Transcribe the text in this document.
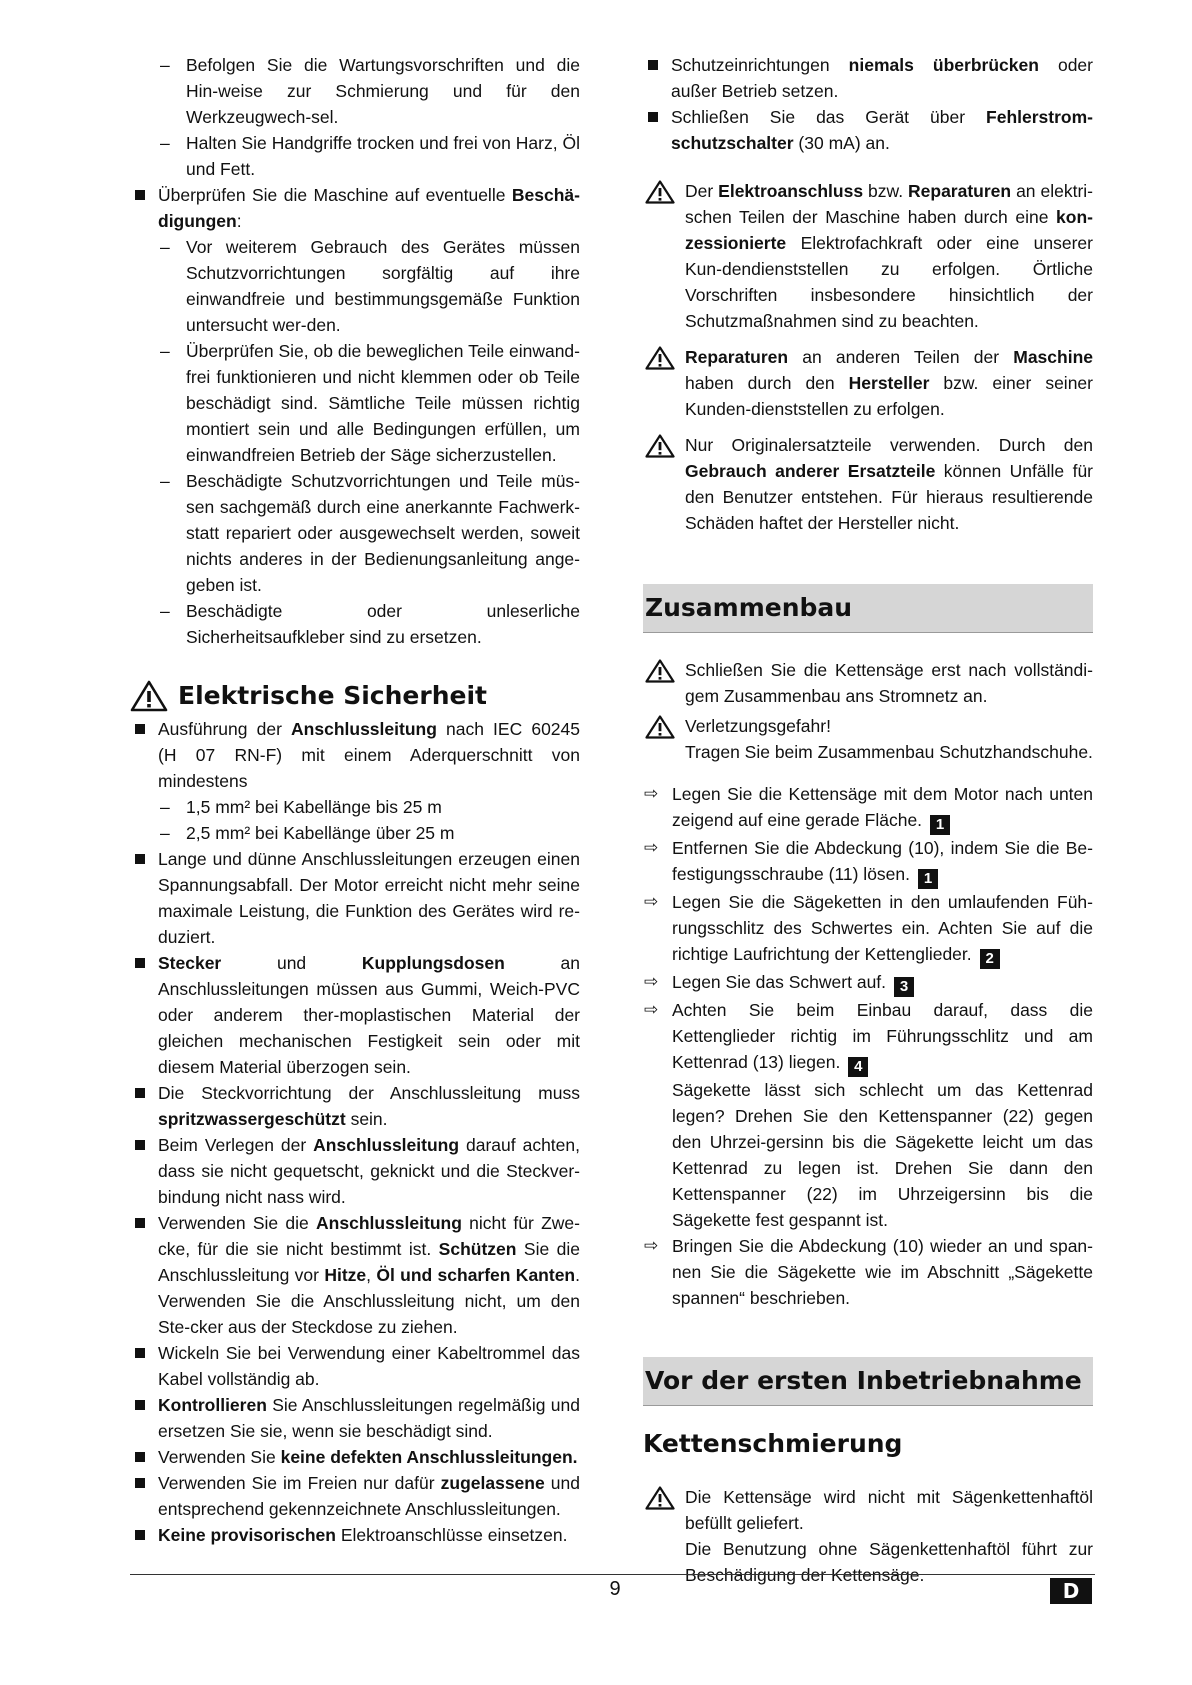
– Befolgen Sie die Wartungsvorschriften und die Hin-weise zur Schmierung und für den Werkzeugwech-sel.

– Halten Sie Handgriffe trocken und frei von Harz, Öl und Fett.

Überprüfen Sie die Maschine auf eventuelle Beschä-digungen:

– Vor weiterem Gebrauch des Gerätes müssen Schutzvorrichtungen sorgfältig auf ihre einwandfreie und bestimmungsgemäße Funktion untersucht wer-den.

– Überprüfen Sie, ob die beweglichen Teile einwand-frei funktionieren und nicht klemmen oder ob Teile beschädigt sind. Sämtliche Teile müssen richtig montiert sein und alle Bedingungen erfüllen, um einwandfreien Betrieb der Säge sicherzustellen.

– Beschädigte Schutzvorrichtungen und Teile müs-sen sachgemäß durch eine anerkannte Fachwerk-statt repariert oder ausgewechselt werden, soweit nichts anderes in der Bedienungsanleitung ange-geben ist.

– Beschädigte oder unleserliche Sicherheitsaufkleber sind zu ersetzen.

Elektrische Sicherheit

Ausführung der Anschlussleitung nach IEC 60245 (H 07 RN-F) mit einem Aderquerschnitt von mindestens

– 1,5 mm² bei Kabellänge bis 25 m

– 2,5 mm² bei Kabellänge über 25 m

Lange und dünne Anschlussleitungen erzeugen einen Spannungsabfall. Der Motor erreicht nicht mehr seine maximale Leistung, die Funktion des Gerätes wird re-duziert.

Stecker und Kupplungsdosen an Anschlussleitungen müssen aus Gummi, Weich-PVC oder anderem ther-moplastischen Material der gleichen mechanischen Festigkeit sein oder mit diesem Material überzogen sein.

Die Steckvorrichtung der Anschlussleitung muss spritzwassergeschützt sein.

Beim Verlegen der Anschlussleitung darauf achten, dass sie nicht gequetscht, geknickt und die Steckver-bindung nicht nass wird.

Verwenden Sie die Anschlussleitung nicht für Zwe-cke, für die sie nicht bestimmt ist. Schützen Sie die Anschlussleitung vor Hitze, Öl und scharfen Kanten. Verwenden Sie die Anschlussleitung nicht, um den Ste-cker aus der Steckdose zu ziehen.

Wickeln Sie bei Verwendung einer Kabeltrommel das Kabel vollständig ab.

Kontrollieren Sie Anschlussleitungen regelmäßig und ersetzen Sie sie, wenn sie beschädigt sind.

Verwenden Sie keine defekten Anschlussleitungen.

Verwenden Sie im Freien nur dafür zugelassene und entsprechend gekennzeichnete Anschlussleitungen.

Keine provisorischen Elektroanschlüsse einsetzen.

Schutzeinrichtungen niemals überbrücken oder außer Betrieb setzen.

Schließen Sie das Gerät über Fehlerstrom-schutzschalter (30 mA) an.

Der Elektroanschluss bzw. Reparaturen an elektri-schen Teilen der Maschine haben durch eine kon-zessionierte Elektrofachkraft oder eine unserer Kun-dendienststellen zu erfolgen. Örtliche Vorschriften insbesondere hinsichtlich der Schutzmaßnahmen sind zu beachten.

Reparaturen an anderen Teilen der Maschine haben durch den Hersteller bzw. einer seiner Kunden-dienststellen zu erfolgen.

Nur Originalersatzteile verwenden. Durch den Gebrauch anderer Ersatzteile können Unfälle für den Benutzer entstehen. Für hieraus resultierende Schäden haftet der Hersteller nicht.

Zusammenbau

Schließen Sie die Kettensäge erst nach vollständi-gem Zusammenbau ans Stromnetz an.

Verletzungsgefahr!

Tragen Sie beim Zusammenbau Schutzhandschuhe.

⇨ Legen Sie die Kettensäge mit dem Motor nach unten zeigend auf eine gerade Fläche. 1

⇨ Entfernen Sie die Abdeckung (10), indem Sie die Be-festigungsschraube (11) lösen. 1

⇨ Legen Sie die Sägeketten in den umlaufenden Füh-rungsschlitz des Schwertes ein. Achten Sie auf die richtige Laufrichtung der Kettenglieder. 2

⇨ Legen Sie das Schwert auf. 3

⇨ Achten Sie beim Einbau darauf, dass die Kettenglieder richtig im Führungsschlitz und am Kettenrad (13) liegen. 4

Sägekette lässt sich schlecht um das Kettenrad legen? Drehen Sie den Kettenspanner (22) gegen den Uhrzei-gersinn bis die Sägekette leicht um das Kettenrad zu legen ist. Drehen Sie dann den Kettenspanner (22) im Uhrzeigersinn bis die Sägekette fest gespannt ist.

⇨ Bringen Sie die Abdeckung (10) wieder an und span-nen Sie die Sägekette wie im Abschnitt „Sägekette spannen“ beschrieben.

Vor der ersten Inbetriebnahme
Kettenschmierung

Die Kettensäge wird nicht mit Sägenkettenhaftöl befüllt geliefert.

Die Benutzung ohne Sägenkettenhaftöl führt zur Beschädigung der Kettensäge.

9	D
